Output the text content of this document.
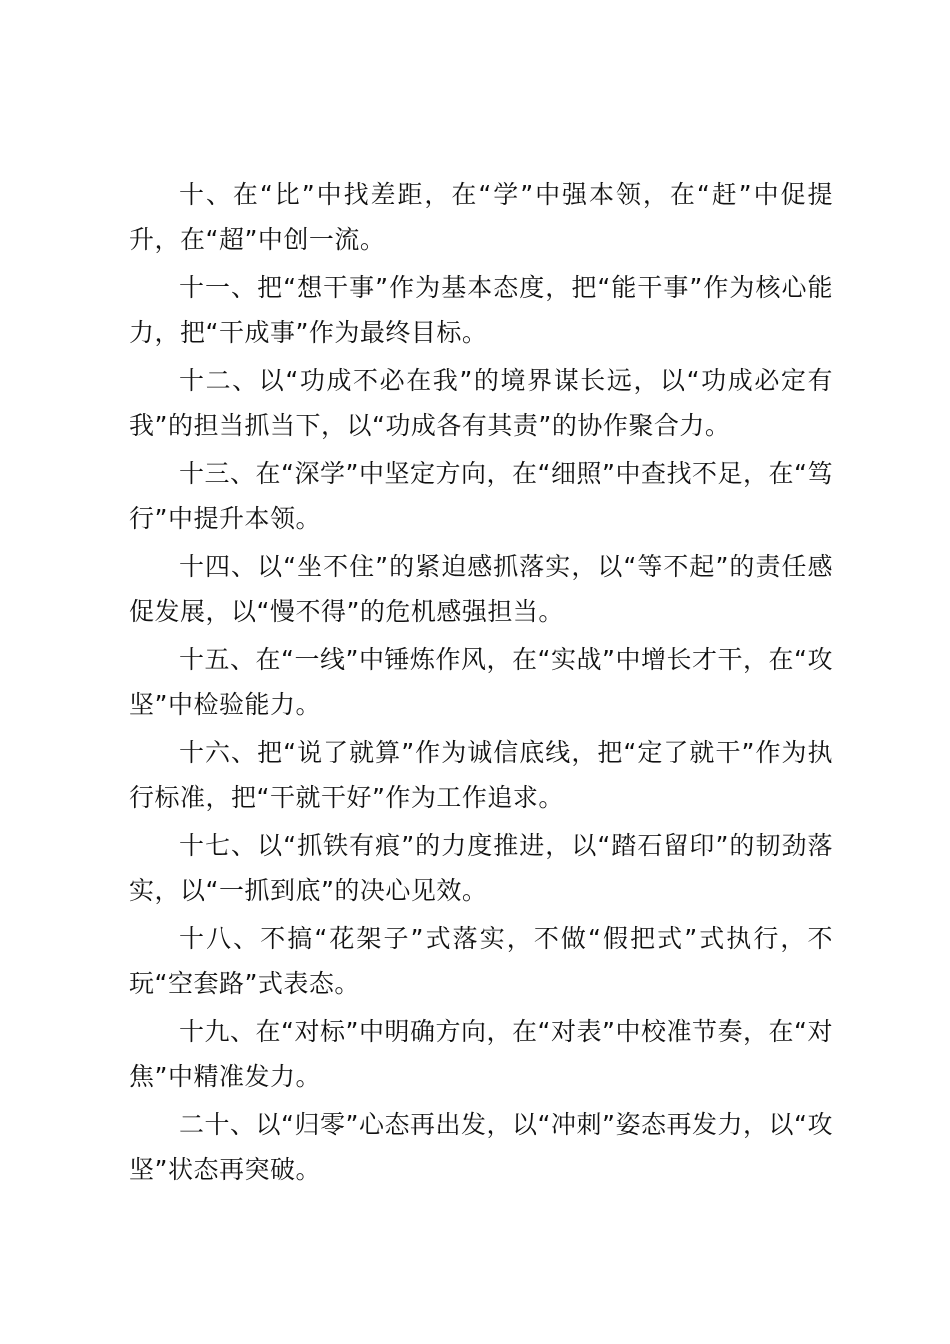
十、在“比”中找差距，在“学”中强本领，在“赶”中促提升，在“超”中创一流。

十一、把“想干事”作为基本态度，把“能干事”作为核心能力，把“干成事”作为最终目标。

十二、以“功成不必在我”的境界谋长远，以“功成必定有我”的担当抓当下，以“功成各有其责”的协作聚合力。

十三、在“深学”中坚定方向，在“细照”中查找不足，在“笃行”中提升本领。

十四、以“坐不住”的紧迫感抓落实，以“等不起”的责任感促发展，以“慢不得”的危机感强担当。

十五、在“一线”中锤炼作风，在“实战”中增长才干，在“攻坚”中检验能力。

十六、把“说了就算”作为诚信底线，把“定了就干”作为执行标准，把“干就干好”作为工作追求。

十七、以“抓铁有痕”的力度推进，以“踏石留印”的韧劲落实，以“一抓到底”的决心见效。

十八、不搞“花架子”式落实，不做“假把式”式执行，不玩“空套路”式表态。

十九、在“对标”中明确方向，在“对表”中校准节奏，在“对焦”中精准发力。

二十、以“归零”心态再出发，以“冲刺”姿态再发力，以“攻坚”状态再突破。
